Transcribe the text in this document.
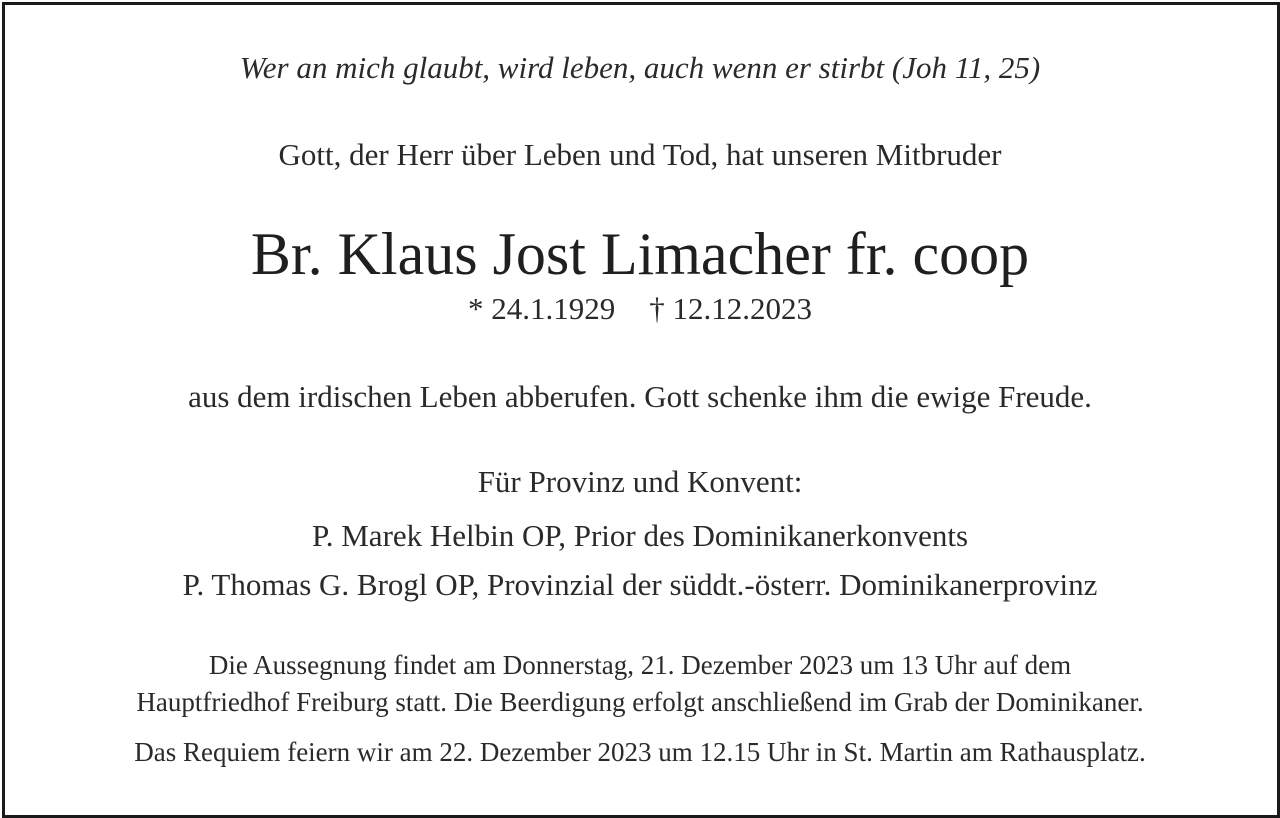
Wer an mich glaubt, wird leben, auch wenn er stirbt (Joh 11, 25)
Gott, der Herr über Leben und Tod, hat unseren Mitbruder
Br. Klaus Jost Limacher fr. coop
* 24.1.1929 † 12.12.2023
aus dem irdischen Leben abberufen. Gott schenke ihm die ewige Freude.
Für Provinz und Konvent:
P. Marek Helbin OP, Prior des Dominikanerkonvents
P. Thomas G. Brogl OP, Provinzial der süddt.-österr. Dominikanerprovinz
Die Aussegnung findet am Donnerstag, 21. Dezember 2023 um 13 Uhr auf dem
Hauptfriedhof Freiburg statt. Die Beerdigung erfolgt anschließend im Grab der Dominikaner.
Das Requiem feiern wir am 22. Dezember 2023 um 12.15 Uhr in St. Martin am Rathausplatz.
